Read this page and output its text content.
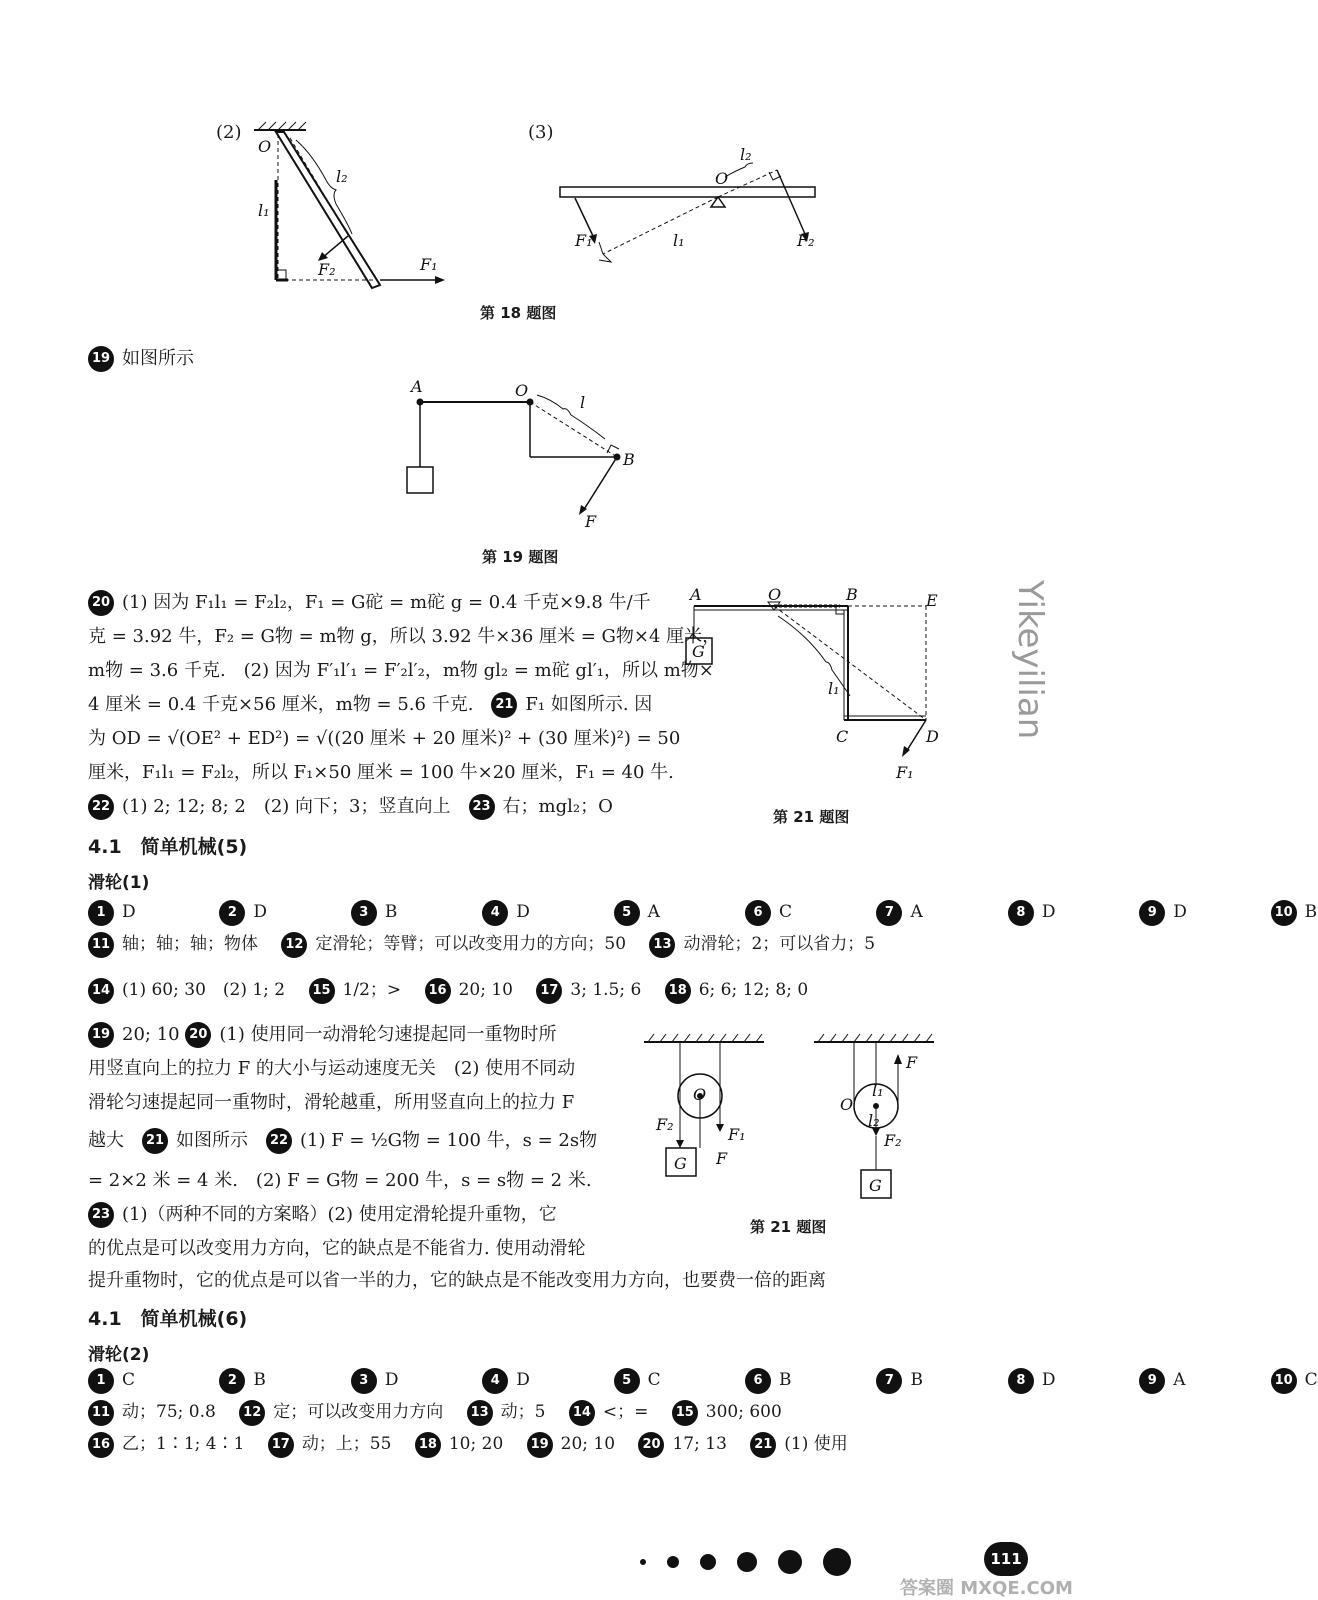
(2)	(3)
O
l₁
l₂
F₂	F₁
O
l₂
l₁
F₁	F₂
第 18 题图
19 如图所示
A	O
l
B
F
第 19 题图
20 (1) 因为 F₁l₁ = F₂l₂，F₁ = G砣 = m砣 g = 0.4 千克×9.8 牛/千
克 = 3.92 牛，F₂ = G物 = m物 g，所以 3.92 牛×36 厘米 = G物×4 厘米，
m物 = 3.6 千克.　(2) 因为 F′₁l′₁ = F′₂l′₂，m物 gl₂ = m砣 gl′₁，所以 m物×
4 厘米 = 0.4 千克×56 厘米，m物 = 5.6 千克.　 21 F₁ 如图所示. 因
为 OD = √(OE² + ED²) = √((20 厘米 + 20 厘米)² + (30 厘米)²) = 50
厘米，F₁l₁ = F₂l₂，所以 F₁×50 厘米 = 100 牛×20 厘米，F₁ = 40 牛.
22 (1) 2; 12; 8; 2　(2) 向下；3；竖直向上　 23 右；mgl₂；O
A	O	B	E
G
l₁
C	D
F₁
第 21 题图
4.1　简单机械(5)
滑轮(1)
1 D	2 D	3 B	4 D	5 A	6 C	7 A	8 D	9 D	10 B
11 轴；轴；轴；物体 12 定滑轮；等臂；可以改变用力的方向；50 13 动滑轮；2；可以省力；5
14 (1) 60; 30　(2) 1; 2 15 1/2；> 16 20; 10 17 3; 1.5; 6 18 6; 6; 12; 8; 0
19 20; 10 20 (1) 使用同一动滑轮匀速提起同一重物时所
用竖直向上的拉力 F 的大小与运动速度无关　(2) 使用不同动
滑轮匀速提起同一重物时，滑轮越重，所用竖直向上的拉力 F
越大　 21 如图所示　 22 (1) F = ½G物 = 100 牛，s = 2s物
= 2×2 米 = 4 米.　(2) F = G物 = 200 牛，s = s物 = 2 米.
23 (1)（两种不同的方案略）(2) 使用定滑轮提升重物，它
的优点是可以改变用力方向，它的缺点是不能省力. 使用动滑轮
提升重物时，它的优点是可以省一半的力，它的缺点是不能改变用力方向，也要费一倍的距离
O
F₂
F₁
F
G
O
l₁
l₂
F
F₂
G
第 21 题图
4.1　简单机械(6)
滑轮(2)
1 C	2 B	3 D	4 D	5 C	6 B	7 B	8 D	9 A	10 C
11 动；75; 0.8 12 定；可以改变用力方向 13 动；5 14 <；= 15 300; 600
16 乙；1∶1; 4∶1 17 动；上；55 18 10; 20 19 20; 10 20 17; 13 21 (1) 使用
Yikeyilian

111
答案圈 MXQE.COM
